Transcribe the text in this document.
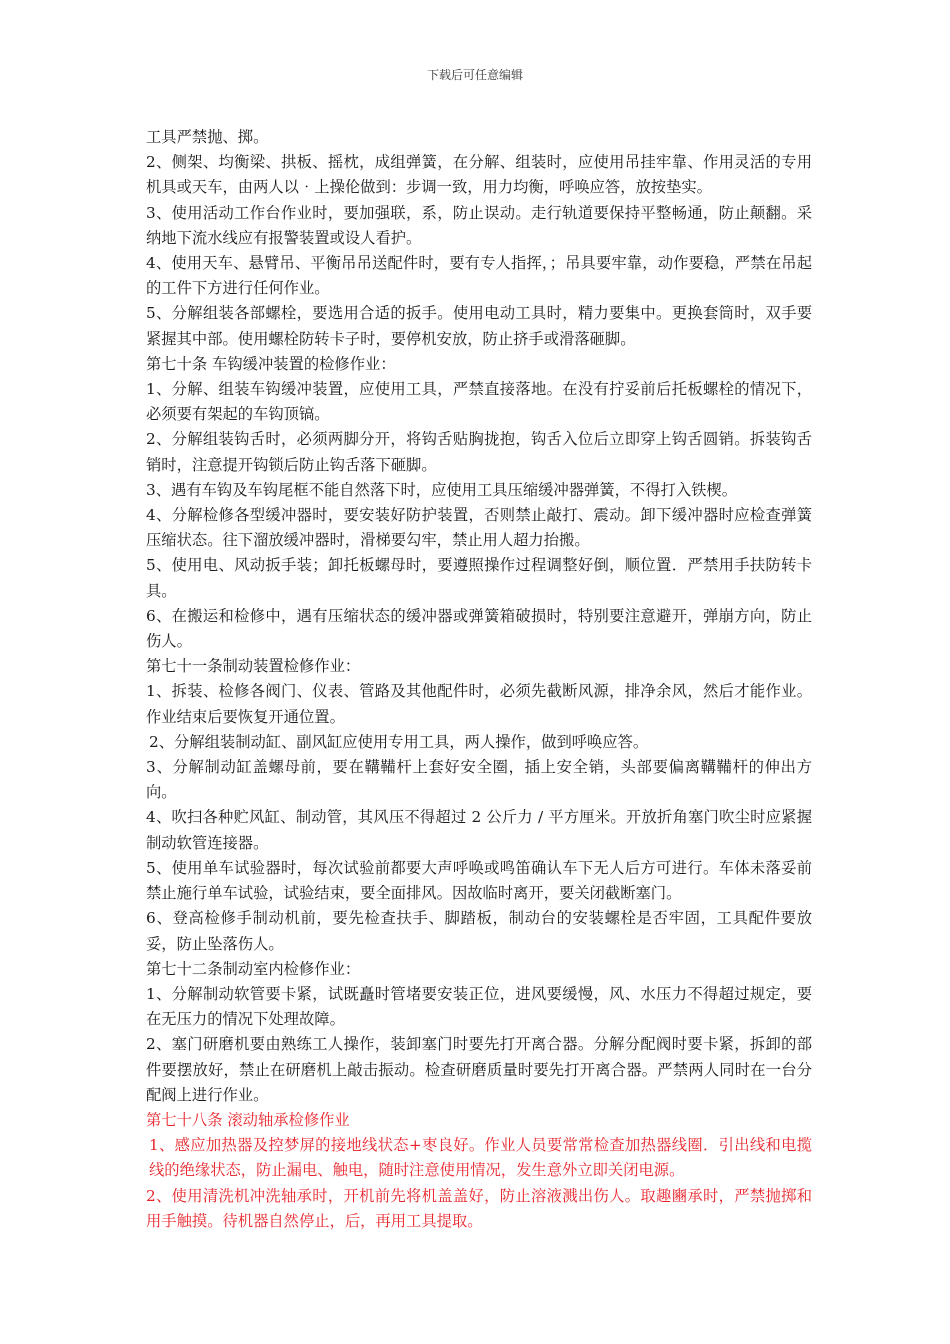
下载后可任意编辑

工具严禁抛、掷。

2、侧架、均衡梁、拱板、摇枕，成组弹簧，在分解、组装时，应使用吊挂牢靠、作用灵活的专用机具或天车，由两人以‧上操伦做到：步调一致，用力均衡，呼唤应答，放按垫实。

3、使用活动工作台作业时，要加强联，系，防止误动。走行轨道要保持平整畅通，防止颠翻。采纳地下流水线应有报警装置或设人看护。

4、使用天车、悬臂吊、平衡吊吊送配件时，要有专人指挥，；吊具要牢靠，动作要稳，严禁在吊起的工件下方进行任何作业。

5、分解组装各部螺栓，要选用合适的扳手。使用电动工具时，精力要集中。更换套筒时，双手要紧握其中部。使用螺栓防转卡子时，要停机安放，防止挤手或滑落砸脚。

第七十条 车钩缓冲装置的检修作业：

1、分解、组装车钩缓冲装置，应使用工具，严禁直接落地。在没有拧妥前后托板螺栓的情况下，必须要有架起的车钩顶镐。

2、分解组装钩舌时，必须两脚分开，将钩舌贴胸拢抱，钩舌入位后立即穿上钩舌圆销。拆装钩舌销时，注意提开钩锁后防止钩舌落下砸脚。

3、遇有车钩及车钩尾框不能自然落下时，应使用工具压缩缓冲器弹簧，不得打入铁楔。

4、分解检修各型缓冲器时，要安装好防护装置，否则禁止敲打、震动。卸下缓冲器时应检查弹簧压缩状态。往下溜放缓冲器时，滑梯要勾牢，禁止用人超力抬搬。

5、使用电、风动扳手装；卸托板螺母时，要遵照操作过程调整好倒，顺位置．严禁用手扶防转卡具。

6、在搬运和检修中，遇有压缩状态的缓冲器或弹簧箱破损时，特别要注意避开，弹崩方向，防止伤人。

第七十一条制动装置检修作业：

1、拆装、检修各阀门、仪表、管路及其他配件时，必须先截断风源，排净余风，然后才能作业。作业结束后要恢复开通位置。

2、分解组装制动缸、副风缸应使用专用工具，两人操作，做到呼唤应答。

3、分解制动缸盖螺母前，要在鞲鞴杆上套好安全圈，插上安全销，头部要偏离鞲鞴杆的伸出方向。

4、吹扫各种贮风缸、制动管，其风压不得超过 2 公斤力 / 平方厘米。开放折角塞门吹尘时应紧握制动软管连接器。

5、使用单车试验器时，每次试验前都要大声呼唤或鸣笛确认车下无人后方可进行。车体未落妥前禁止施行单车试验，试验结束，要全面排风。因故临时离开，要关闭截断塞门。

6、登高检修手制动机前，要先检查扶手、脚踏板，制动台的安装螺栓是否牢固，工具配件要放妥，防止坠落伤人。

第七十二条制动室内检修作业：

1、分解制动软管要卡紧，试既矗时管堵要安装正位，进风要缓慢，风、水压力不得超过规定，要在无压力的情况下处理故障。

2、塞门研磨机要由熟练工人操作，装卸塞门时要先打开离合器。分解分配阀时要卡紧，拆卸的部件要摆放好，禁止在研磨机上敲击振动。检查研磨质量时要先打开离合器。严禁两人同时在一台分配阀上进行作业。

第七十八条 滚动轴承检修作业

1、感应加热器及控梦屏的接地线状态+枣良好。作业人员要常常检查加热器线圈．引出线和电揽线的绝缘状态，防止漏电、触电，随时注意使用情况，发生意外立即关闭电源。

2、使用清洗机冲洗轴承时，开机前先将机盖盖好，防止溶液溅出伤人。取趣豳承时，严禁抛掷和用手触摸。待机器自然停止，后，再用工具提取。
